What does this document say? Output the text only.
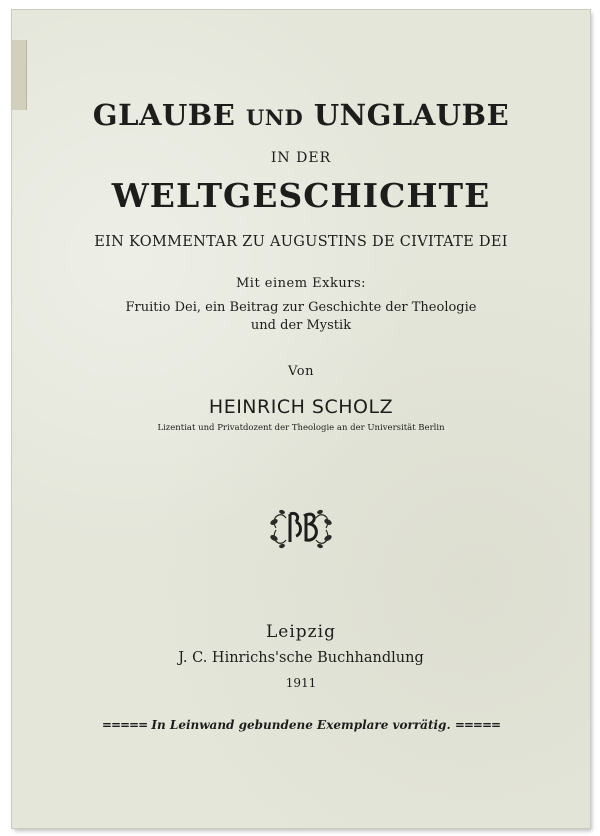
GLAUBE UND UNGLAUBE
IN DER
WELTGESCHICHTE
EIN KOMMENTAR ZU AUGUSTINS DE CIVITATE DEI
Mit einem Exkurs:
Fruitio Dei, ein Beitrag zur Geschichte der Theologie
und der Mystik
Von
HEINRICH SCHOLZ
Lizentiat und Privatdozent der Theologie an der Universität Berlin
Leipzig
J. C. Hinrichs'sche Buchhandlung
1911
===== In Leinwand gebundene Exemplare vorrätig. =====
